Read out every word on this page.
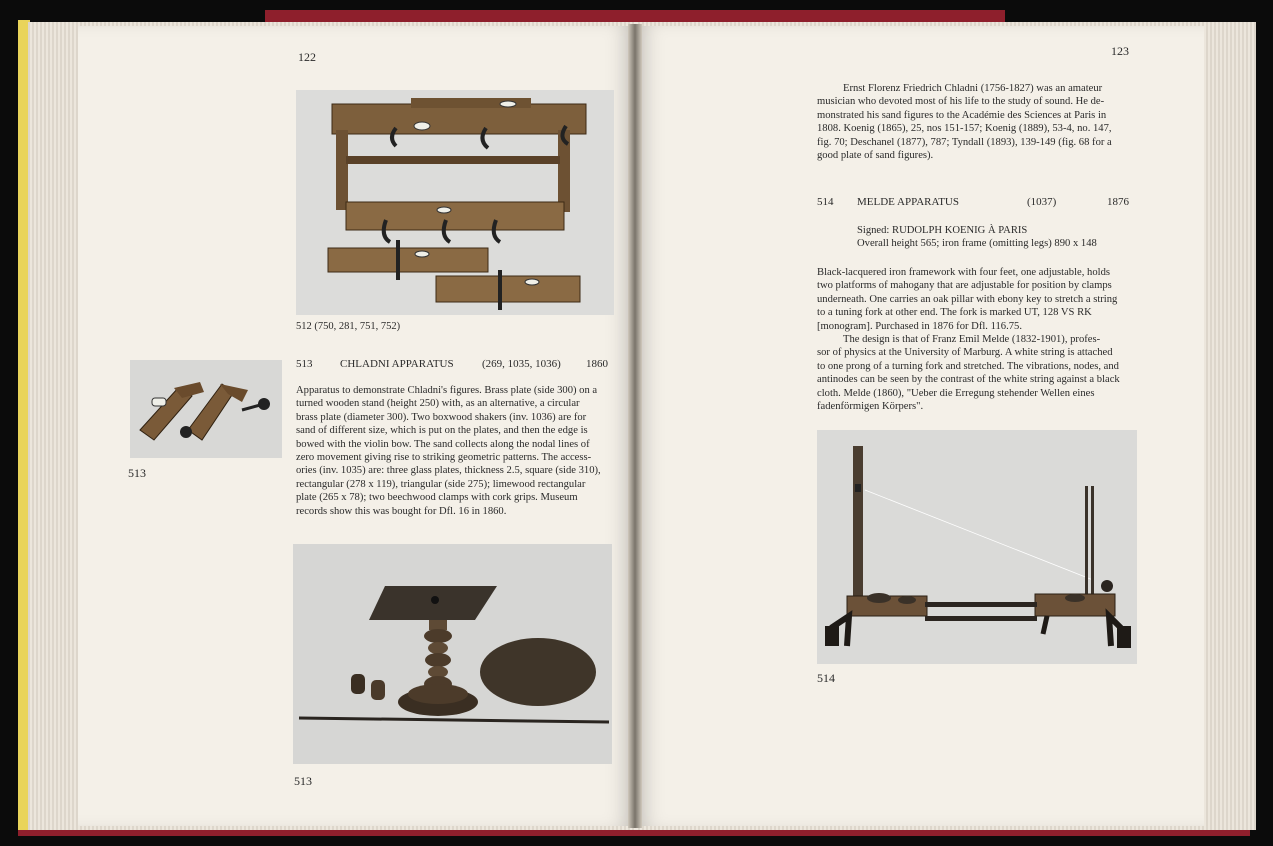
122
512 (750, 281, 751, 752)
513	CHLADNI APPARATUS	(269, 1035, 1036) 1860
Apparatus to demonstrate Chladni's figures. Brass plate (side 300) on a
turned wooden stand (height 250) with, as an alternative, a circular
brass plate (diameter 300). Two boxwood shakers (inv. 1036) are for
sand of different size, which is put on the plates, and then the edge is
bowed with the violin bow. The sand collects along the nodal lines of
zero movement giving rise to striking geometric patterns. The access-
ories (inv. 1035) are: three glass plates, thickness 2.5, square (side 310),
rectangular (278 x 119), triangular (side 275); limewood rectangular
plate (265 x 78); two beechwood clamps with cork grips. Museum
records show this was bought for Dfl. 16 in 1860.
513
513
123
Ernst Florenz Friedrich Chladni (1756-1827) was an amateur
musician who devoted most of his life to the study of sound. He de-
monstrated his sand figures to the Académie des Sciences at Paris in
1808. Koenig (1865), 25, nos 151-157; Koenig (1889), 53-4, no. 147,
fig. 70; Deschanel (1877), 787; Tyndall (1893), 139-149 (fig. 68 for a
good plate of sand figures).
514 MELDE APPARATUS	(1037)	1876
Signed: RUDOLPH KOENIG À PARIS
Overall height 565; iron frame (omitting legs) 890 x 148
Black-lacquered iron framework with four feet, one adjustable, holds
two platforms of mahogany that are adjustable for position by clamps
underneath. One carries an oak pillar with ebony key to stretch a string
to a tuning fork at other end. The fork is marked UT, 128 VS RK
[monogram]. Purchased in 1876 for Dfl. 116.75.
The design is that of Franz Emil Melde (1832-1901), profes-
sor of physics at the University of Marburg. A white string is attached
to one prong of a turning fork and stretched. The vibrations, nodes, and
antinodes can be seen by the contrast of the white string against a black
cloth. Melde (1860), "Ueber die Erregung stehender Wellen eines
fadenförmigen Körpers".
514
